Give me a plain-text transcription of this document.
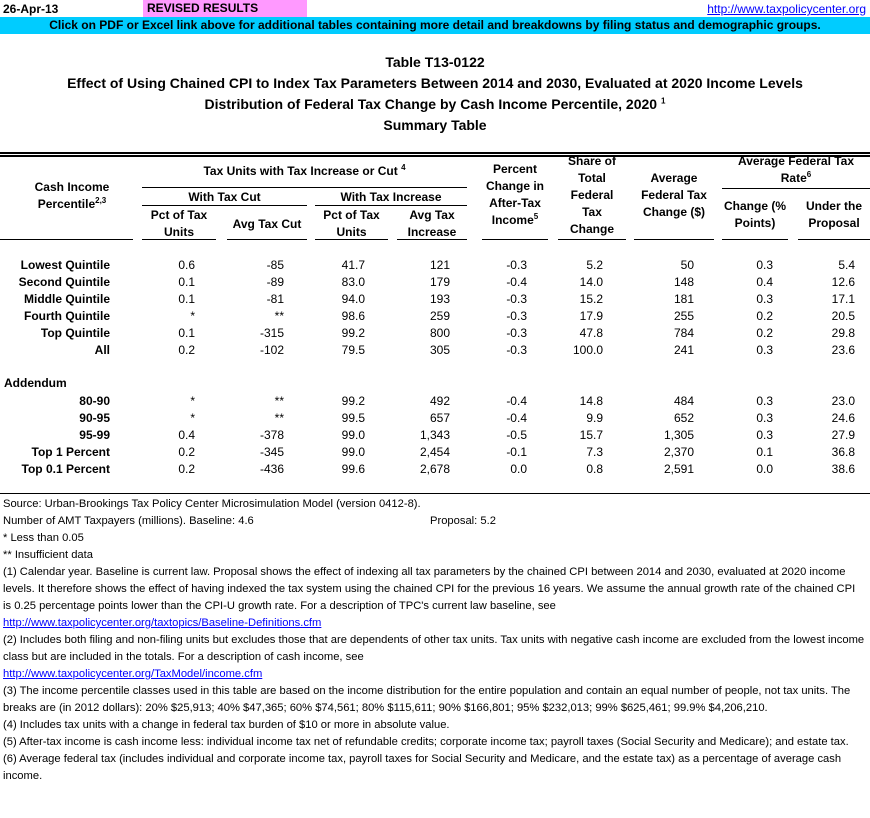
26-Apr-13	REVISED RESULTS	http://www.taxpolicycenter.org
Click on PDF or Excel link above for additional tables containing more detail and breakdowns by filing status and demographic groups.
Table T13-0122
Effect of Using Chained CPI to Index Tax Parameters Between 2014 and 2030, Evaluated at 2020 Income Levels
Distribution of Federal Tax Change by Cash Income Percentile, 2020 $^1$
Summary Table
Cash Income
Percentile$^{2,3}$
Tax Units with Tax Increase or Cut $^4$
With Tax Cut	With Tax Increase
Pct of Tax
Units
Avg Tax Cut
Pct of Tax
Units
Avg Tax
Increase
Percent
Change in
After-Tax
Income$^5$
Share of
Total
Federal
Tax
Change
Average
Federal Tax
Change ($)
Average Federal Tax
Rate$^6$
Change (%
Points)
Under the
Proposal
Lowest Quintile	0.6	-85	41.7	121	-0.3	5.2	50	0.3	5.4
Second Quintile	0.1	-89	83.0	179	-0.4	14.0	148	0.4	12.6
Middle Quintile	0.1	-81	94.0	193	-0.3	15.2	181	0.3	17.1
Fourth Quintile	*	**	98.6	259	-0.3	17.9	255	0.2	20.5
Top Quintile	0.1	-315	99.2	800	-0.3	47.8	784	0.2	29.8
All	0.2	-102	79.5	305	-0.3	100.0	241	0.3	23.6
Addendum
80-90	*	**	99.2	492	-0.4	14.8	484	0.3	23.0
90-95	*	**	99.5	657	-0.4	9.9	652	0.3	24.6
95-99	0.4	-378	99.0	1,343	-0.5	15.7	1,305	0.3	27.9
Top 1 Percent	0.2	-345	99.0	2,454	-0.1	7.3	2,370	0.1	36.8
Top 0.1 Percent	0.2	-436	99.6	2,678	0.0	0.8	2,591	0.0	38.6
Source: Urban-Brookings Tax Policy Center Microsimulation Model (version 0412-8).
Number of AMT Taxpayers (millions). Baseline: 4.6	Proposal: 5.2
* Less than 0.05
** Insufficient data
(1) Calendar year. Baseline is current law. Proposal shows the effect of indexing all tax parameters by the chained CPI between 2014 and 2030, evaluated at 2020 income levels. It therefore shows the effect of having indexed the tax system using the chained CPI for the previous 16 years. We assume the annual growth rate of the chained CPI is 0.25 percentage points lower than the CPI-U growth rate. For a description of TPC's current law baseline, see
http://www.taxpolicycenter.org/taxtopics/Baseline-Definitions.cfm
(2) Includes both filing and non-filing units but excludes those that are dependents of other tax units. Tax units with negative cash income are excluded from the lowest income class but are included in the totals. For a description of cash income, see
http://www.taxpolicycenter.org/TaxModel/income.cfm
(3) The income percentile classes used in this table are based on the income distribution for the entire population and contain an equal number of people, not tax units. The breaks are (in 2012 dollars): 20% $25,913; 40% $47,365; 60% $74,561; 80% $115,611; 90% $166,801; 95% $232,013; 99% $625,461; 99.9% $4,206,210.
(4) Includes tax units with a change in federal tax burden of $10 or more in absolute value.
(5) After-tax income is cash income less: individual income tax net of refundable credits; corporate income tax; payroll taxes (Social Security and Medicare); and estate tax.
(6) Average federal tax (includes individual and corporate income tax, payroll taxes for Social Security and Medicare, and the estate tax) as a percentage of average cash income.
